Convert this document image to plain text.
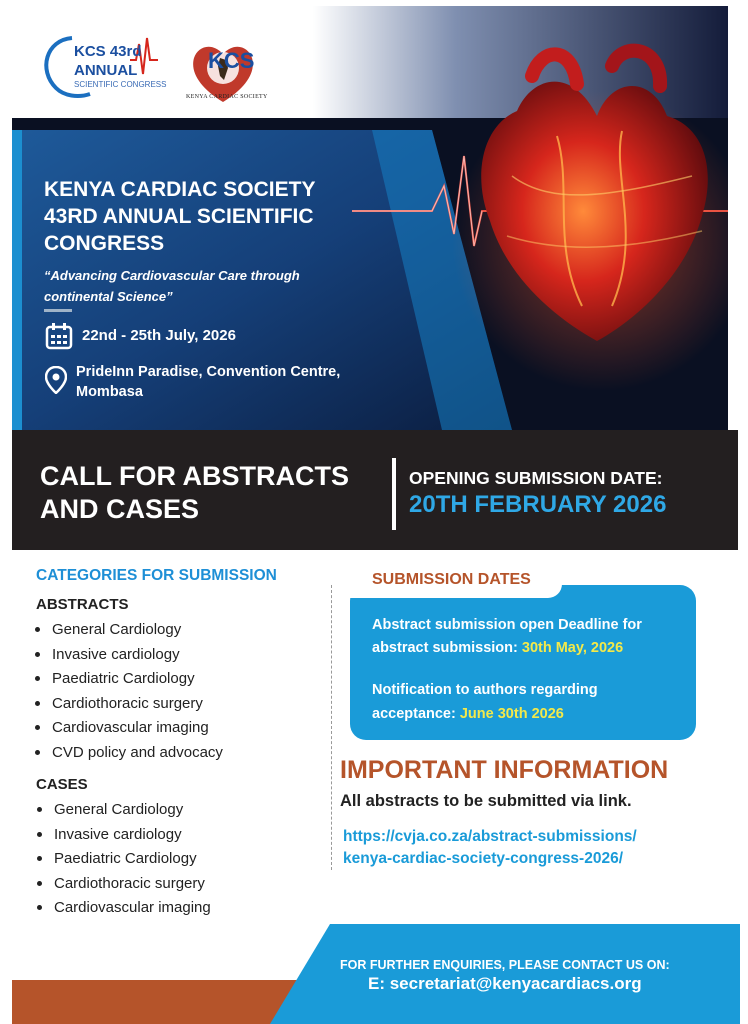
KCS 43rd
ANNUAL
SCIENTIFIC CONGRESS
KCS
KENYA CARDIAC SOCIETY
KENYA CARDIAC SOCIETY 43RD ANNUAL SCIENTIFIC CONGRESS
“Advancing Cardiovascular Care through continental Science”
22nd - 25th July, 2026
PrideInn Paradise, Convention Centre, Mombasa
CALL FOR ABSTRACTS AND CASES
OPENING SUBMISSION DATE:
20TH FEBRUARY 2026
CATEGORIES FOR SUBMISSION
ABSTRACTS
General Cardiology
Invasive cardiology
Paediatric Cardiology
Cardiothoracic surgery
Cardiovascular imaging
CVD policy and advocacy
CASES
General Cardiology
Invasive cardiology
Paediatric Cardiology
Cardiothoracic surgery
Cardiovascular imaging
SUBMISSION DATES
Abstract submission open Deadline for
abstract submission: 30th May, 2026
Notification to authors regarding
acceptance: June 30th 2026
IMPORTANT INFORMATION
All abstracts to be submitted via link.
https://cvja.co.za/abstract-submissions/
kenya-cardiac-society-congress-2026/
FOR FURTHER ENQUIRIES, PLEASE CONTACT US ON:
E: secretariat@kenyacardiacs.org
